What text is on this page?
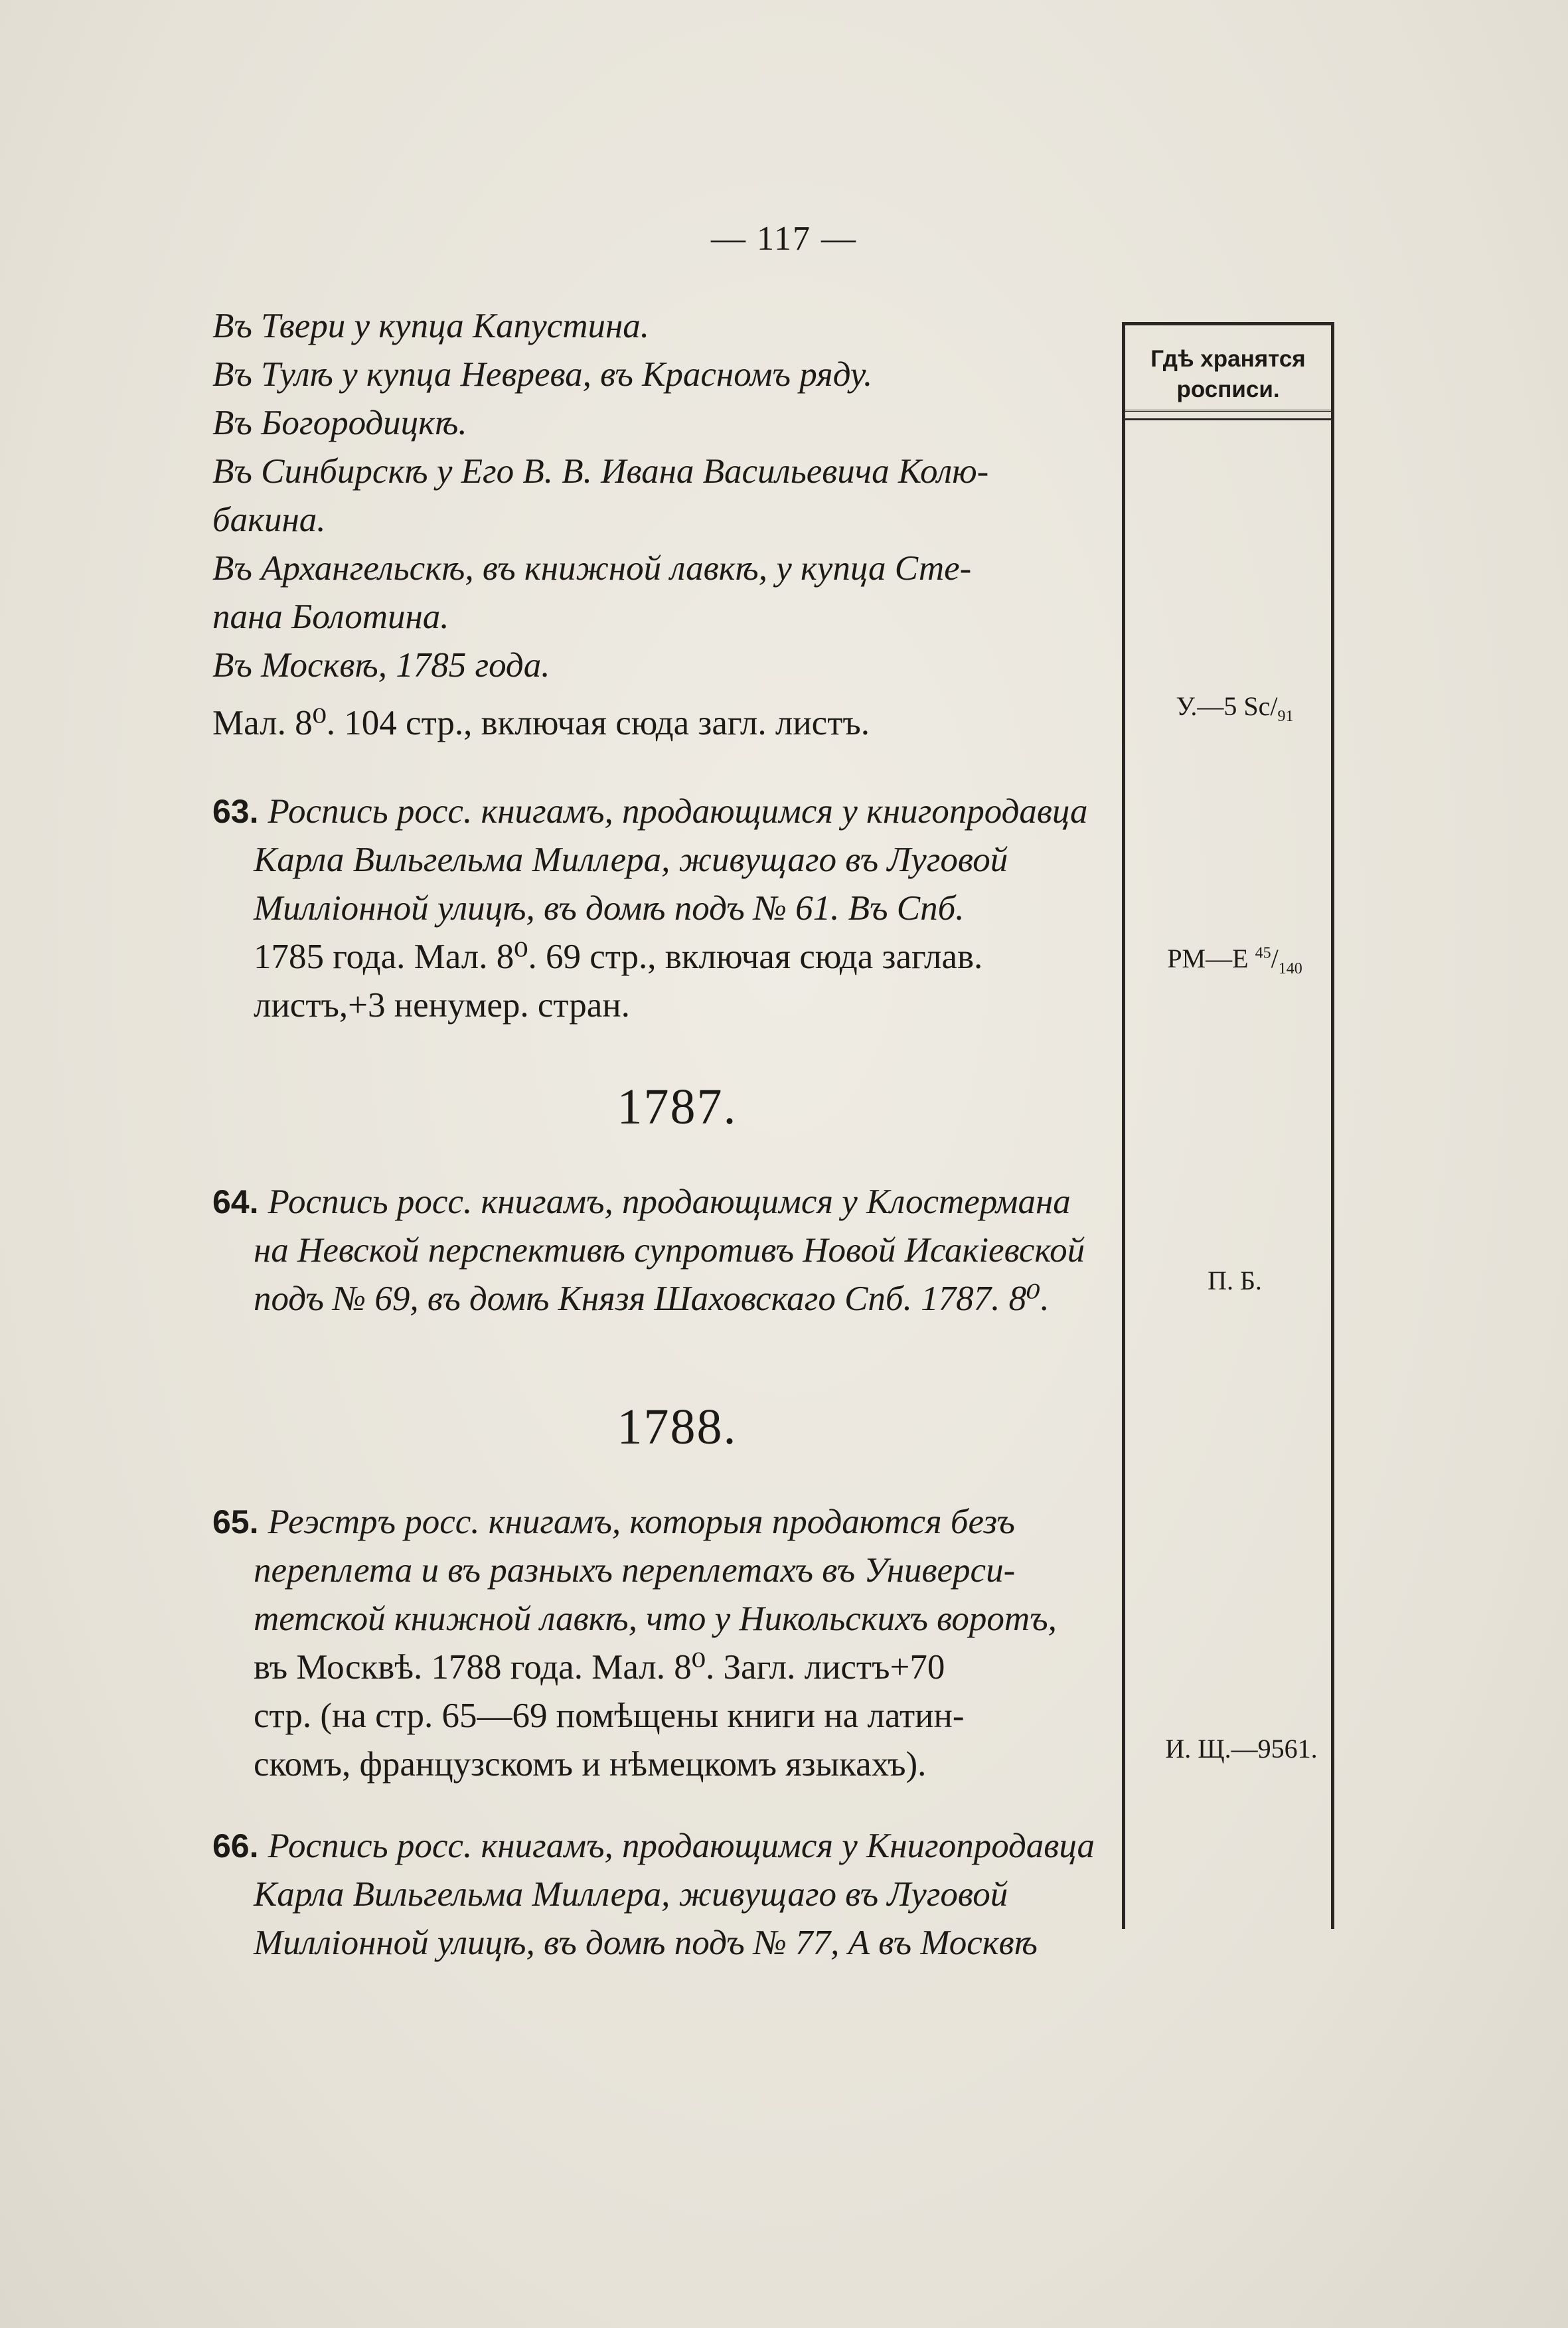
— 117 —
Въ Твери у купца Капустина.
Въ Тулѣ у купца Неврева, въ Красномъ ряду.
Въ Богородицкѣ.
Въ Синбирскѣ у Его В. В. Ивана Васильевича Колю-
бакина.
Въ Архангельскѣ, въ книжной лавкѣ, у купца Сте-
пана Болотина.
Въ Москвѣ, 1785 года.
Мал. 8⁰. 104 стр., включая сюда загл. листъ.
63. Роспись росс. книгамъ, продающимся у книгопродавца
Карла Вильгельма Миллера, живущаго въ Луговой
Милліонной улицѣ, въ домѣ подъ № 61. Въ Спб.
1785 года. Мал. 8⁰. 69 стр., включая сюда заглав.
листъ,+3 ненумер. стран.
1787.
64. Роспись росс. книгамъ, продающимся у Клостермана
на Невской перспективѣ супротивъ Новой Исакіевской
подъ № 69, въ домѣ Князя Шаховскаго Спб. 1787. 8⁰.
1788.
65. Реэстръ росс. книгамъ, которыя продаются безъ
переплета и въ разныхъ переплетахъ въ Универси-
тетской книжной лавкѣ, что у Никольскихъ воротъ,
въ Москвѣ. 1788 года. Мал. 8⁰. Загл. листъ+70
стр. (на стр. 65—69 помѣщены книги на латин-
скомъ, французскомъ и нѣмецкомъ языкахъ).
66. Роспись росс. книгамъ, продающимся у Книгопродавца
Карла Вильгельма Миллера, живущаго въ Луговой
Милліонной улицѣ, въ домѣ подъ № 77, А въ Москвѣ
Гдѣ хранятся
росписи.
У.—5 $Sc/_{91}$
РМ—Е $^{45}/_{140}$
П. Б.
И. Щ.—9561.
